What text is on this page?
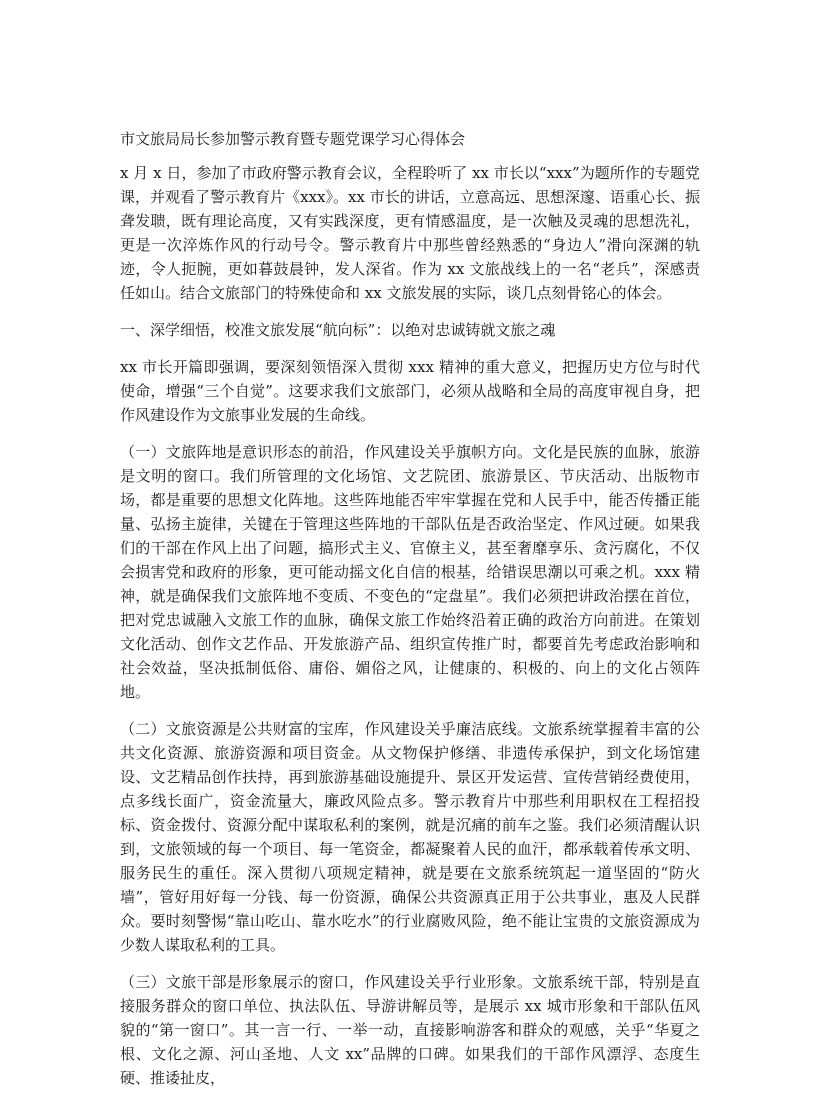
市文旅局局长参加警示教育暨专题党课学习心得体会

x 月 x 日，参加了市政府警示教育会议，全程聆听了 xx 市长以“xxx”为题所作的专题党课，并观看了警示教育片《xxx》。xx 市长的讲话，立意高远、思想深邃、语重心长、振聋发聩，既有理论高度，又有实践深度，更有情感温度，是一次触及灵魂的思想洗礼，更是一次淬炼作风的行动号令。警示教育片中那些曾经熟悉的“身边人”滑向深渊的轨迹，令人扼腕，更如暮鼓晨钟，发人深省。作为 xx 文旅战线上的一名“老兵”，深感责任如山。结合文旅部门的特殊使命和 xx 文旅发展的实际，谈几点刻骨铭心的体会。

一、深学细悟，校准文旅发展“航向标”：以绝对忠诚铸就文旅之魂

xx 市长开篇即强调，要深刻领悟深入贯彻 xxx 精神的重大意义，把握历史方位与时代使命，增强“三个自觉”。这要求我们文旅部门，必须从战略和全局的高度审视自身，把作风建设作为文旅事业发展的生命线。

（一）文旅阵地是意识形态的前沿，作风建设关乎旗帜方向。文化是民族的血脉，旅游是文明的窗口。我们所管理的文化场馆、文艺院团、旅游景区、节庆活动、出版物市场，都是重要的思想文化阵地。这些阵地能否牢牢掌握在党和人民手中，能否传播正能量、弘扬主旋律，关键在于管理这些阵地的干部队伍是否政治坚定、作风过硬。如果我们的干部在作风上出了问题，搞形式主义、官僚主义，甚至奢靡享乐、贪污腐化，不仅会损害党和政府的形象，更可能动摇文化自信的根基，给错误思潮以可乘之机。xxx 精神，就是确保我们文旅阵地不变质、不变色的“定盘星”。我们必须把讲政治摆在首位，把对党忠诚融入文旅工作的血脉，确保文旅工作始终沿着正确的政治方向前进。在策划文化活动、创作文艺作品、开发旅游产品、组织宣传推广时，都要首先考虑政治影响和社会效益，坚决抵制低俗、庸俗、媚俗之风，让健康的、积极的、向上的文化占领阵地。

（二）文旅资源是公共财富的宝库，作风建设关乎廉洁底线。文旅系统掌握着丰富的公共文化资源、旅游资源和项目资金。从文物保护修缮、非遗传承保护，到文化场馆建设、文艺精品创作扶持，再到旅游基础设施提升、景区开发运营、宣传营销经费使用，点多线长面广，资金流量大，廉政风险点多。警示教育片中那些利用职权在工程招投标、资金拨付、资源分配中谋取私利的案例，就是沉痛的前车之鉴。我们必须清醒认识到，文旅领域的每一个项目、每一笔资金，都凝聚着人民的血汗，都承载着传承文明、服务民生的重任。深入贯彻八项规定精神，就是要在文旅系统筑起一道坚固的“防火墙”，管好用好每一分钱、每一份资源，确保公共资源真正用于公共事业，惠及人民群众。要时刻警惕“靠山吃山、靠水吃水”的行业腐败风险，绝不能让宝贵的文旅资源成为少数人谋取私利的工具。

（三）文旅干部是形象展示的窗口，作风建设关乎行业形象。文旅系统干部，特别是直接服务群众的窗口单位、执法队伍、导游讲解员等，是展示 xx 城市形象和干部队伍风貌的“第一窗口”。其一言一行、一举一动，直接影响游客和群众的观感，关乎“华夏之根、文化之源、河山圣地、人文 xx”品牌的口碑。如果我们的干部作风漂浮、态度生硬、推诿扯皮，
